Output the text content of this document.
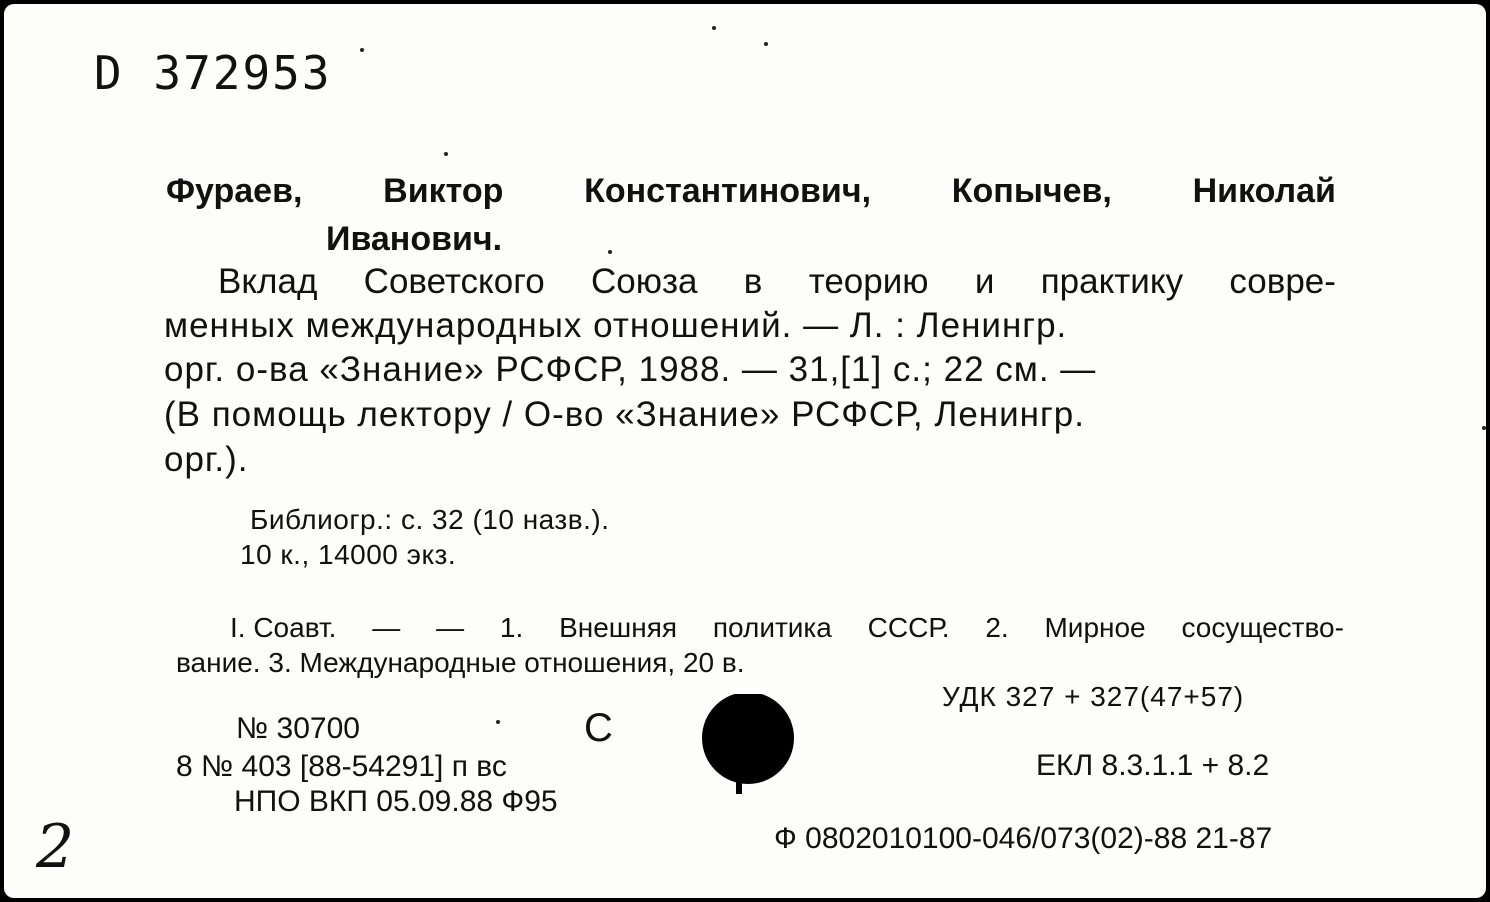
D 372953
Фураев, Виктор Константинович, Копычев, Николай
Иванович.
Вклад Советского Союза в теорию и практику совре-
менных международных отношений. — Л. : Ленингр.
орг. о-ва «Знание» РСФСР, 1988. — 31,[1] с.; 22 см. —
(В помощь лектору / О-во «Знание» РСФСР, Ленингр.
орг.).
Библиогр.: с. 32 (10 назв.).
10 к., 14000 экз.
I. Соавт. — — 1. Внешняя политика СССР. 2. Мирное сосущество-
вание. 3. Международные отношения, 20 в.
УДК 327 + 327(47+57)
№ 30700	С
8 № 403 [88-54291] п вс	ЕКЛ 8.3.1.1 + 8.2
НПО ВКП 05.09.88 Ф95
Ф 0802010100-046/073(02)-88 21-87
2
